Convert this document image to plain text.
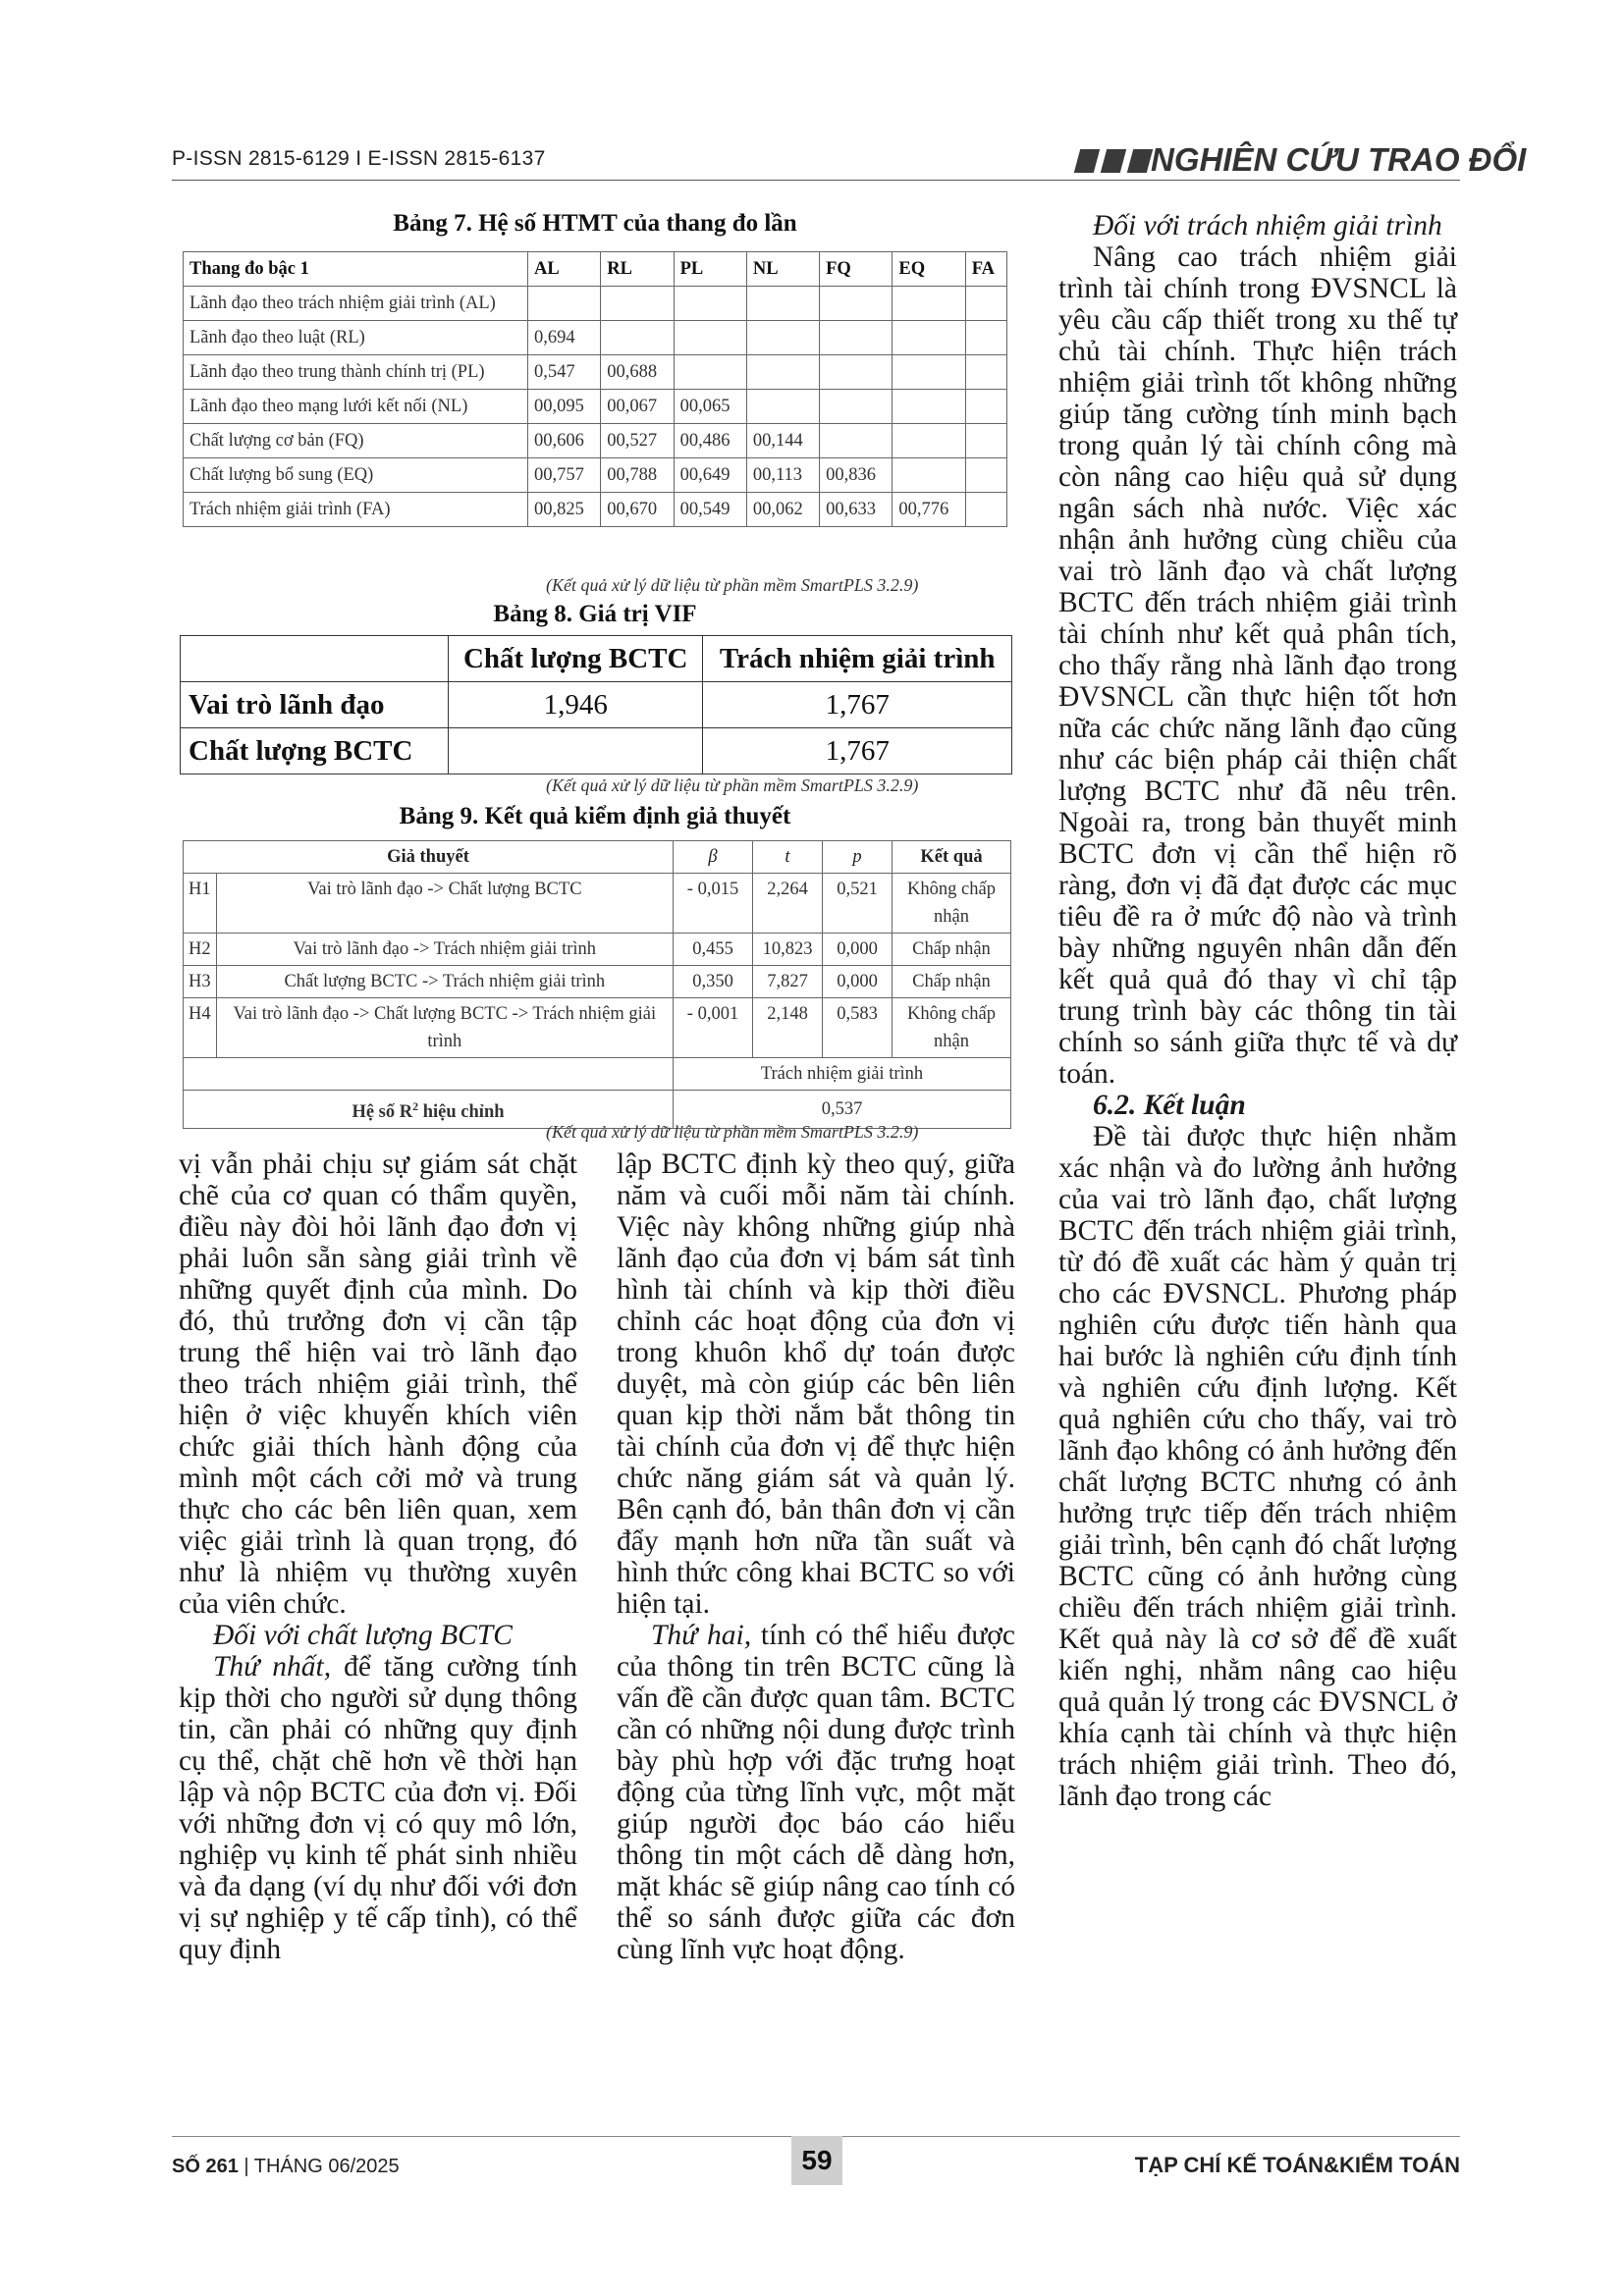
P-ISSN 2815-6129 I E-ISSN 2815-6137	NGHIÊN CỨU TRAO ĐỔI
Bảng 7. Hệ số HTMT của thang đo lần
Thang đo bậc 1	AL	RL	PL	NL	FQ	EQ	FA
Lãnh đạo theo trách nhiệm giải trình (AL)							
Lãnh đạo theo luật (RL)	0,694						
Lãnh đạo theo trung thành chính trị (PL)	0,547	00,688					
Lãnh đạo theo mạng lưới kết nối (NL)	00,095	00,067	00,065				
Chất lượng cơ bản (FQ)	00,606	00,527	00,486	00,144			
Chất lượng bổ sung (EQ)	00,757	00,788	00,649	00,113	00,836		
Trách nhiệm giải trình (FA)	00,825	00,670	00,549	00,062	00,633	00,776	
(Kết quả xử lý dữ liệu từ phần mềm SmartPLS 3.2.9)
Bảng 8. Giá trị VIF
	Chất lượng BCTC	Trách nhiệm giải trình
Vai trò lãnh đạo	1,946	1,767
Chất lượng BCTC		1,767
(Kết quả xử lý dữ liệu từ phần mềm SmartPLS 3.2.9)
Bảng 9. Kết quả kiểm định giả thuyết
Giả thuyết		β	t	p	Kết quả
H1	Vai trò lãnh đạo -> Chất lượng BCTC	- 0,015	2,264	0,521	Không chấp nhận
H2	Vai trò lãnh đạo -> Trách nhiệm giải trình	0,455	10,823	0,000	Chấp nhận
H3	Chất lượng BCTC -> Trách nhiệm giải trình	0,350	7,827	0,000	Chấp nhận
H4	Vai trò lãnh đạo -> Chất lượng BCTC -> Trách nhiệm giải trình	- 0,001	2,148	0,583	Không chấp nhận
		Trách nhiệm giải trình			
Hệ số $R^2$ hiệu chỉnh		0,537			
(Kết quả xử lý dữ liệu từ phần mềm SmartPLS 3.2.9)

vị vẫn phải chịu sự giám sát chặt chẽ của cơ quan có thẩm quyền, điều này đòi hỏi lãnh đạo đơn vị phải luôn sẵn sàng giải trình về những quyết định của mình. Do đó, thủ trưởng đơn vị cần tập trung thể hiện vai trò lãnh đạo theo trách nhiệm giải trình, thể hiện ở việc khuyến khích viên chức giải thích hành động của mình một cách cởi mở và trung thực cho các bên liên quan, xem việc giải trình là quan trọng, đó như là nhiệm vụ thường xuyên của viên chức.

Đối với chất lượng BCTC

Thứ nhất, để tăng cường tính kịp thời cho người sử dụng thông tin, cần phải có những quy định cụ thể, chặt chẽ hơn về thời hạn lập và nộp BCTC của đơn vị. Đối với những đơn vị có quy mô lớn, nghiệp vụ kinh tế phát sinh nhiều và đa dạng (ví dụ như đối với đơn vị sự nghiệp y tế cấp tỉnh), có thể quy định

lập BCTC định kỳ theo quý, giữa năm và cuối mỗi năm tài chính. Việc này không những giúp nhà lãnh đạo của đơn vị bám sát tình hình tài chính và kịp thời điều chỉnh các hoạt động của đơn vị trong khuôn khổ dự toán được duyệt, mà còn giúp các bên liên quan kịp thời nắm bắt thông tin tài chính của đơn vị để thực hiện chức năng giám sát và quản lý. Bên cạnh đó, bản thân đơn vị cần đẩy mạnh hơn nữa tần suất và hình thức công khai BCTC so với hiện tại.

Thứ hai, tính có thể hiểu được của thông tin trên BCTC cũng là vấn đề cần được quan tâm. BCTC cần có những nội dung được trình bày phù hợp với đặc trưng hoạt động của từng lĩnh vực, một mặt giúp người đọc báo cáo hiểu thông tin một cách dễ dàng hơn, mặt khác sẽ giúp nâng cao tính có thể so sánh được giữa các đơn cùng lĩnh vực hoạt động.

Đối với trách nhiệm giải trình

Nâng cao trách nhiệm giải trình tài chính trong ĐVSNCL là yêu cầu cấp thiết trong xu thế tự chủ tài chính. Thực hiện trách nhiệm giải trình tốt không những giúp tăng cường tính minh bạch trong quản lý tài chính công mà còn nâng cao hiệu quả sử dụng ngân sách nhà nước. Việc xác nhận ảnh hưởng cùng chiều của vai trò lãnh đạo và chất lượng BCTC đến trách nhiệm giải trình tài chính như kết quả phân tích, cho thấy rằng nhà lãnh đạo trong ĐVSNCL cần thực hiện tốt hơn nữa các chức năng lãnh đạo cũng như các biện pháp cải thiện chất lượng BCTC như đã nêu trên. Ngoài ra, trong bản thuyết minh BCTC đơn vị cần thể hiện rõ ràng, đơn vị đã đạt được các mục tiêu đề ra ở mức độ nào và trình bày những nguyên nhân dẫn đến kết quả quả đó thay vì chỉ tập trung trình bày các thông tin tài chính so sánh giữa thực tế và dự toán.

6.2. Kết luận

Đề tài được thực hiện nhằm xác nhận và đo lường ảnh hưởng của vai trò lãnh đạo, chất lượng BCTC đến trách nhiệm giải trình, từ đó đề xuất các hàm ý quản trị cho các ĐVSNCL. Phương pháp nghiên cứu được tiến hành qua hai bước là nghiên cứu định tính và nghiên cứu định lượng. Kết quả nghiên cứu cho thấy, vai trò lãnh đạo không có ảnh hưởng đến chất lượng BCTC nhưng có ảnh hưởng trực tiếp đến trách nhiệm giải trình, bên cạnh đó chất lượng BCTC cũng có ảnh hưởng cùng chiều đến trách nhiệm giải trình. Kết quả này là cơ sở để đề xuất kiến nghị, nhằm nâng cao hiệu quả quản lý trong các ĐVSNCL ở khía cạnh tài chính và thực hiện trách nhiệm giải trình. Theo đó, lãnh đạo trong các

SỐ 261 | THÁNG 06/2025	59	TẠP CHÍ KẾ TOÁN&KIỂM TOÁN
